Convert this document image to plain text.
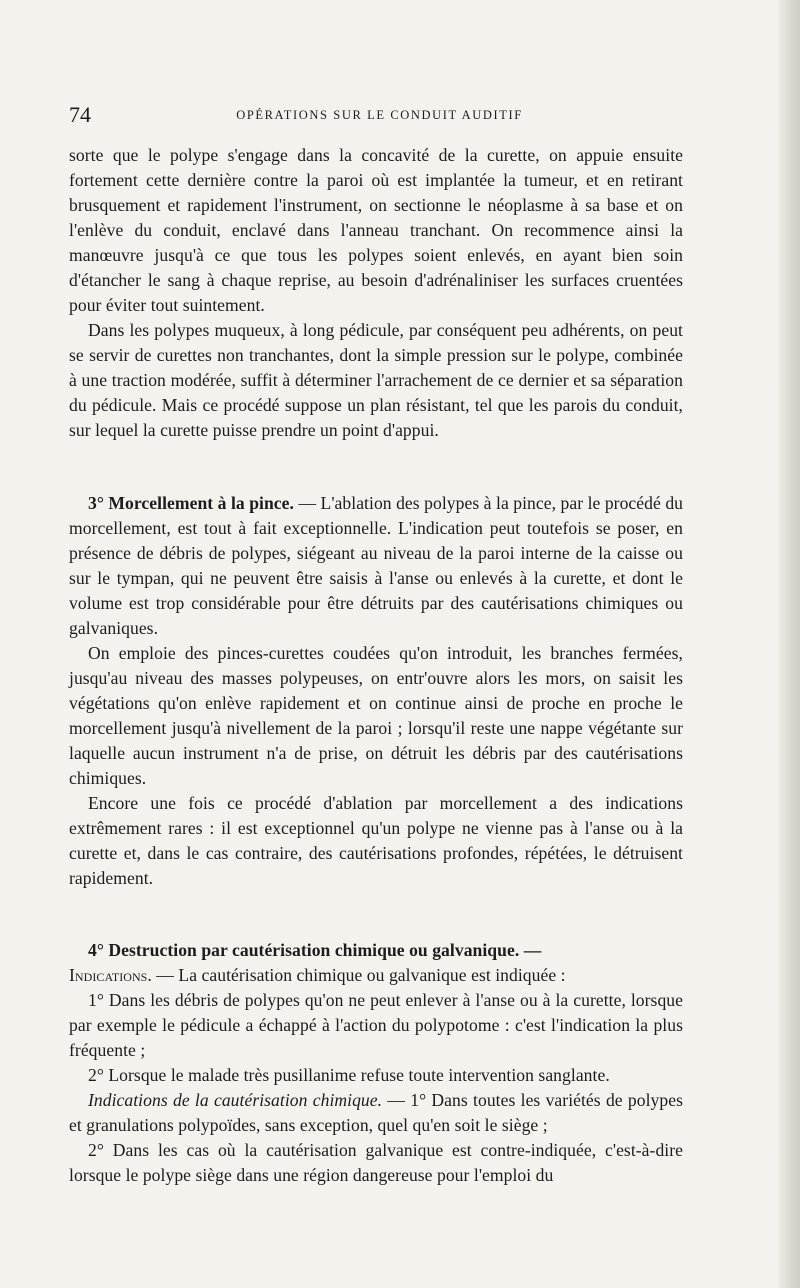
74	OPÉRATIONS SUR LE CONDUIT AUDITIF

sorte que le polype s'engage dans la concavité de la curette, on appuie ensuite fortement cette dernière contre la paroi où est implantée la tumeur, et en retirant brusquement et rapidement l'instrument, on sectionne le néoplasme à sa base et on l'enlève du conduit, enclavé dans l'anneau tranchant. On recommence ainsi la manœuvre jusqu'à ce que tous les polypes soient enlevés, en ayant bien soin d'étancher le sang à chaque reprise, au besoin d'adrénaliniser les surfaces cruentées pour éviter tout suintement.

Dans les polypes muqueux, à long pédicule, par conséquent peu adhérents, on peut se servir de curettes non tranchantes, dont la simple pression sur le polype, combinée à une traction modérée, suffit à déterminer l'arrachement de ce dernier et sa séparation du pédicule. Mais ce procédé suppose un plan résistant, tel que les parois du conduit, sur lequel la curette puisse prendre un point d'appui.

3° Morcellement à la pince. — L'ablation des polypes à la pince, par le procédé du morcellement, est tout à fait exceptionnelle. L'indication peut toutefois se poser, en présence de débris de polypes, siégeant au niveau de la paroi interne de la caisse ou sur le tympan, qui ne peuvent être saisis à l'anse ou enlevés à la curette, et dont le volume est trop considérable pour être détruits par des cautérisations chimiques ou galvaniques.

On emploie des pinces-curettes coudées qu'on introduit, les branches fermées, jusqu'au niveau des masses polypeuses, on entr'ouvre alors les mors, on saisit les végétations qu'on enlève rapidement et on continue ainsi de proche en proche le morcellement jusqu'à nivellement de la paroi ; lorsqu'il reste une nappe végétante sur laquelle aucun instrument n'a de prise, on détruit les débris par des cautérisations chimiques.

Encore une fois ce procédé d'ablation par morcellement a des indications extrêmement rares : il est exceptionnel qu'un polype ne vienne pas à l'anse ou à la curette et, dans le cas contraire, des cautérisations profondes, répétées, le détruisent rapidement.

4° Destruction par cautérisation chimique ou galvanique. —

Indications. — La cautérisation chimique ou galvanique est indiquée :

1° Dans les débris de polypes qu'on ne peut enlever à l'anse ou à la curette, lorsque par exemple le pédicule a échappé à l'action du polypotome : c'est l'indication la plus fréquente ;

2° Lorsque le malade très pusillanime refuse toute intervention sanglante.

Indications de la cautérisation chimique. — 1° Dans toutes les variétés de polypes et granulations polypoïdes, sans exception, quel qu'en soit le siège ;

2° Dans les cas où la cautérisation galvanique est contre-indiquée, c'est-à-dire lorsque le polype siège dans une région dangereuse pour l'emploi du
